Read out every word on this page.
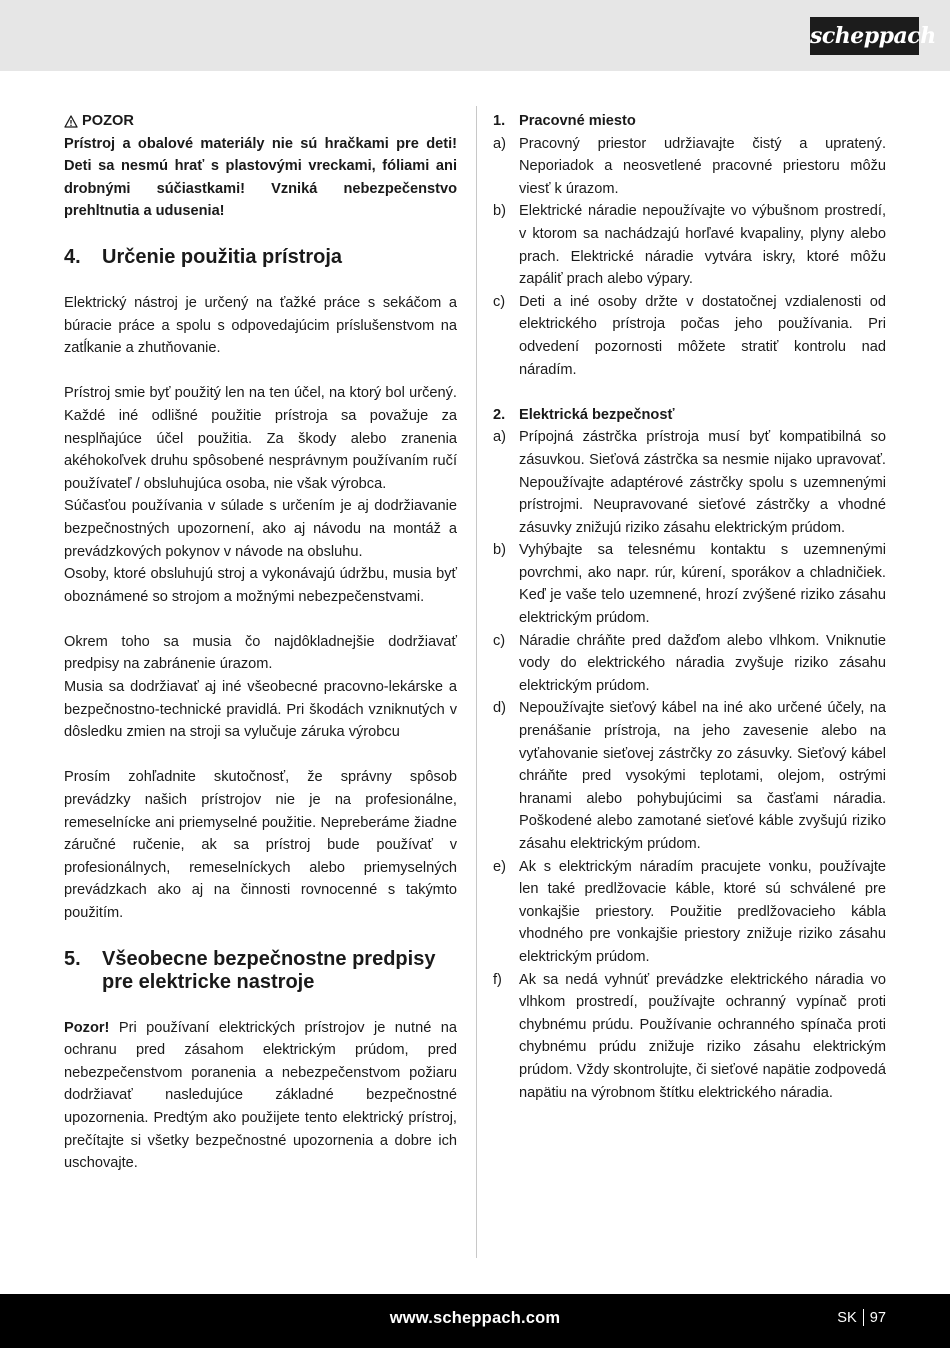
scheppach
POZOR

Prístroj a obalové materiály nie sú hračkami pre deti! Deti sa nesmú hrať s plastovými vreckami, fóliami ani drobnými súčiastkami! Vzniká nebezpečenstvo prehltnutia a udusenia!

4.	Určenie použitia prístroja

Elektrický nástroj je určený na ťažké práce s sekáčom a búracie práce a spolu s odpovedajúcim príslušenstvom na zatĺkanie a zhutňovanie.

Prístroj smie byť použitý len na ten účel, na ktorý bol určený. Každé iné odlišné použitie prístroja sa považuje za nesplňajúce účel použitia. Za škody alebo zranenia akéhokoľvek druhu spôsobené nesprávnym používaním ručí používateľ / obsluhujúca osoba, nie však výrobca.

Súčasťou používania v súlade s určením je aj dodržiavanie bezpečnostných upozornení, ako aj návodu na montáž a prevádzkových pokynov v návode na obsluhu.

Osoby, ktoré obsluhujú stroj a vykonávajú údržbu, musia byť oboznámené so strojom a možnými nebezpečenstvami.

Okrem toho sa musia čo najdôkladnejšie dodržiavať predpisy na zabránenie úrazom.

Musia sa dodržiavať aj iné všeobecné pracovno-lekárske a bezpečnostno-technické pravidlá. Pri škodách vzniknutých v dôsledku zmien na stroji sa vylučuje záruka výrobcu

Prosím zohľadnite skutočnosť, že správny spôsob prevádzky našich prístrojov nie je na profesionálne, remeselnícke ani priemyselné použitie. Nepreberáme žiadne záručné ručenie, ak sa prístroj bude používať v profesionálnych, remeselníckych alebo priemyselných prevádzkach ako aj na činnosti rovnocenné s takýmto použitím.

5.	Všeobecne bezpečnostne predpisy pre elektricke nastroje

Pozor! Pri používaní elektrických prístrojov je nutné na ochranu pred zásahom elektrickým prúdom, pred nebezpečenstvom poranenia a nebezpečenstvom požiaru dodržiavať nasledujúce základné bezpečnostné upozornenia. Predtým ako použijete tento elektrický prístroj, prečítajte si všetky bezpečnostné upozornenia a dobre ich uschovajte.

1. Pracovné miesto
a) Pracovný priestor udržiavajte čistý a upratený. Neporiadok a neosvetlené pracovné priestoru môžu viesť k úrazom.
b) Elektrické náradie nepoužívajte vo výbušnom prostredí, v ktorom sa nachádzajú horľavé kvapaliny, plyny alebo prach. Elektrické náradie vytvára iskry, ktoré môžu zapáliť prach alebo výpary.
c) Deti a iné osoby držte v dostatočnej vzdialenosti od elektrického prístroja počas jeho používania. Pri odvedení pozornosti môžete stratiť kontrolu nad náradím.
2. Elektrická bezpečnosť
a) Prípojná zástrčka prístroja musí byť kompatibilná so zásuvkou. Sieťová zástrčka sa nesmie nijako upravovať. Nepoužívajte adaptérové zástrčky spolu s uzemnenými prístrojmi. Neupravované sieťové zástrčky a vhodné zásuvky znižujú riziko zásahu elektrickým prúdom.
b) Vyhýbajte sa telesnému kontaktu s uzemnenými povrchmi, ako napr. rúr, kúrení, sporákov a chladničiek. Keď je vaše telo uzemnené, hrozí zvýšené riziko zásahu elektrickým prúdom.
c) Náradie chráňte pred dažďom alebo vlhkom. Vniknutie vody do elektrického náradia zvyšuje riziko zásahu elektrickým prúdom.
d) Nepoužívajte sieťový kábel na iné ako určené účely, na prenášanie prístroja, na jeho zavesenie alebo na vyťahovanie sieťovej zástrčky zo zásuvky. Sieťový kábel chráňte pred vysokými teplotami, olejom, ostrými hranami alebo pohybujúcimi sa časťami náradia. Poškodené alebo zamotané sieťové káble zvyšujú riziko zásahu elektrickým prúdom.
e) Ak s elektrickým náradím pracujete vonku, používajte len také predlžovacie káble, ktoré sú schválené pre vonkajšie priestory. Použitie predlžovacieho kábla vhodného pre vonkajšie priestory znižuje riziko zásahu elektrickým prúdom.
f)	Ak sa nedá vyhnúť prevádzke elektrického náradia vo vlhkom prostredí, používajte ochranný vypínač proti chybnému prúdu. Používanie ochranného spínača proti chybnému prúdu znižuje riziko zásahu elektrickým prúdom. Vždy skontrolujte, či sieťové napätie zodpovedá napätiu na výrobnom štítku elektrického náradia.
www.scheppach.com	SK 97
